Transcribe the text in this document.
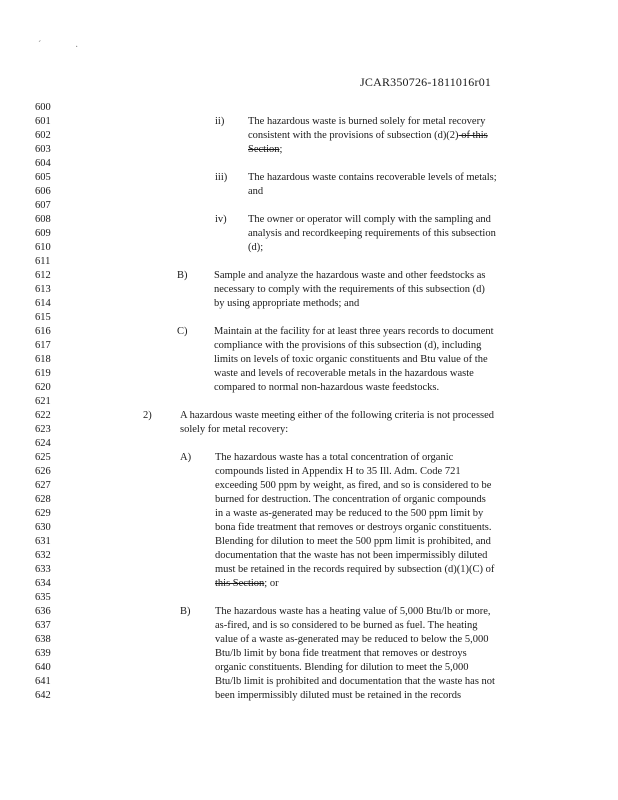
´	·
JCAR350726-1811016r01
600
601
602
603
604
605
606
607
608
609
610
611
612
613
614
615
616
617
618
619
620
621
622
623
624
625
626
627
628
629
630
631
632
633
634
635
636
637
638
639
640
641
642
ii) The hazardous waste is burned solely for metal recovery
consistent with the provisions of subsection (d)(2) of this
Section;
iii) The hazardous waste contains recoverable levels of metals;
and
iv) The owner or operator will comply with the sampling and
analysis and recordkeeping requirements of this subsection
(d);
B)	Sample and analyze the hazardous waste and other feedstocks as
necessary to comply with the requirements of this subsection (d)
by using appropriate methods; and
C)	Maintain at the facility for at least three years records to document
compliance with the provisions of this subsection (d), including
limits on levels of toxic organic constituents and Btu value of the
waste and levels of recoverable metals in the hazardous waste
compared to normal non-hazardous waste feedstocks.
2)	A hazardous waste meeting either of the following criteria is not processed
solely for metal recovery:
A) The hazardous waste has a total concentration of organic
compounds listed in Appendix H to 35 Ill. Adm. Code 721
exceeding 500 ppm by weight, as fired, and so is considered to be
burned for destruction. The concentration of organic compounds
in a waste as-generated may be reduced to the 500 ppm limit by
bona fide treatment that removes or destroys organic constituents.
Blending for dilution to meet the 500 ppm limit is prohibited, and
documentation that the waste has not been impermissibly diluted
must be retained in the records required by subsection (d)(1)(C) of
this Section; or
B) The hazardous waste has a heating value of 5,000 Btu/lb or more,
as-fired, and is so considered to be burned as fuel. The heating
value of a waste as-generated may be reduced to below the 5,000
Btu/lb limit by bona fide treatment that removes or destroys
organic constituents. Blending for dilution to meet the 5,000
Btu/lb limit is prohibited and documentation that the waste has not
been impermissibly diluted must be retained in the records
